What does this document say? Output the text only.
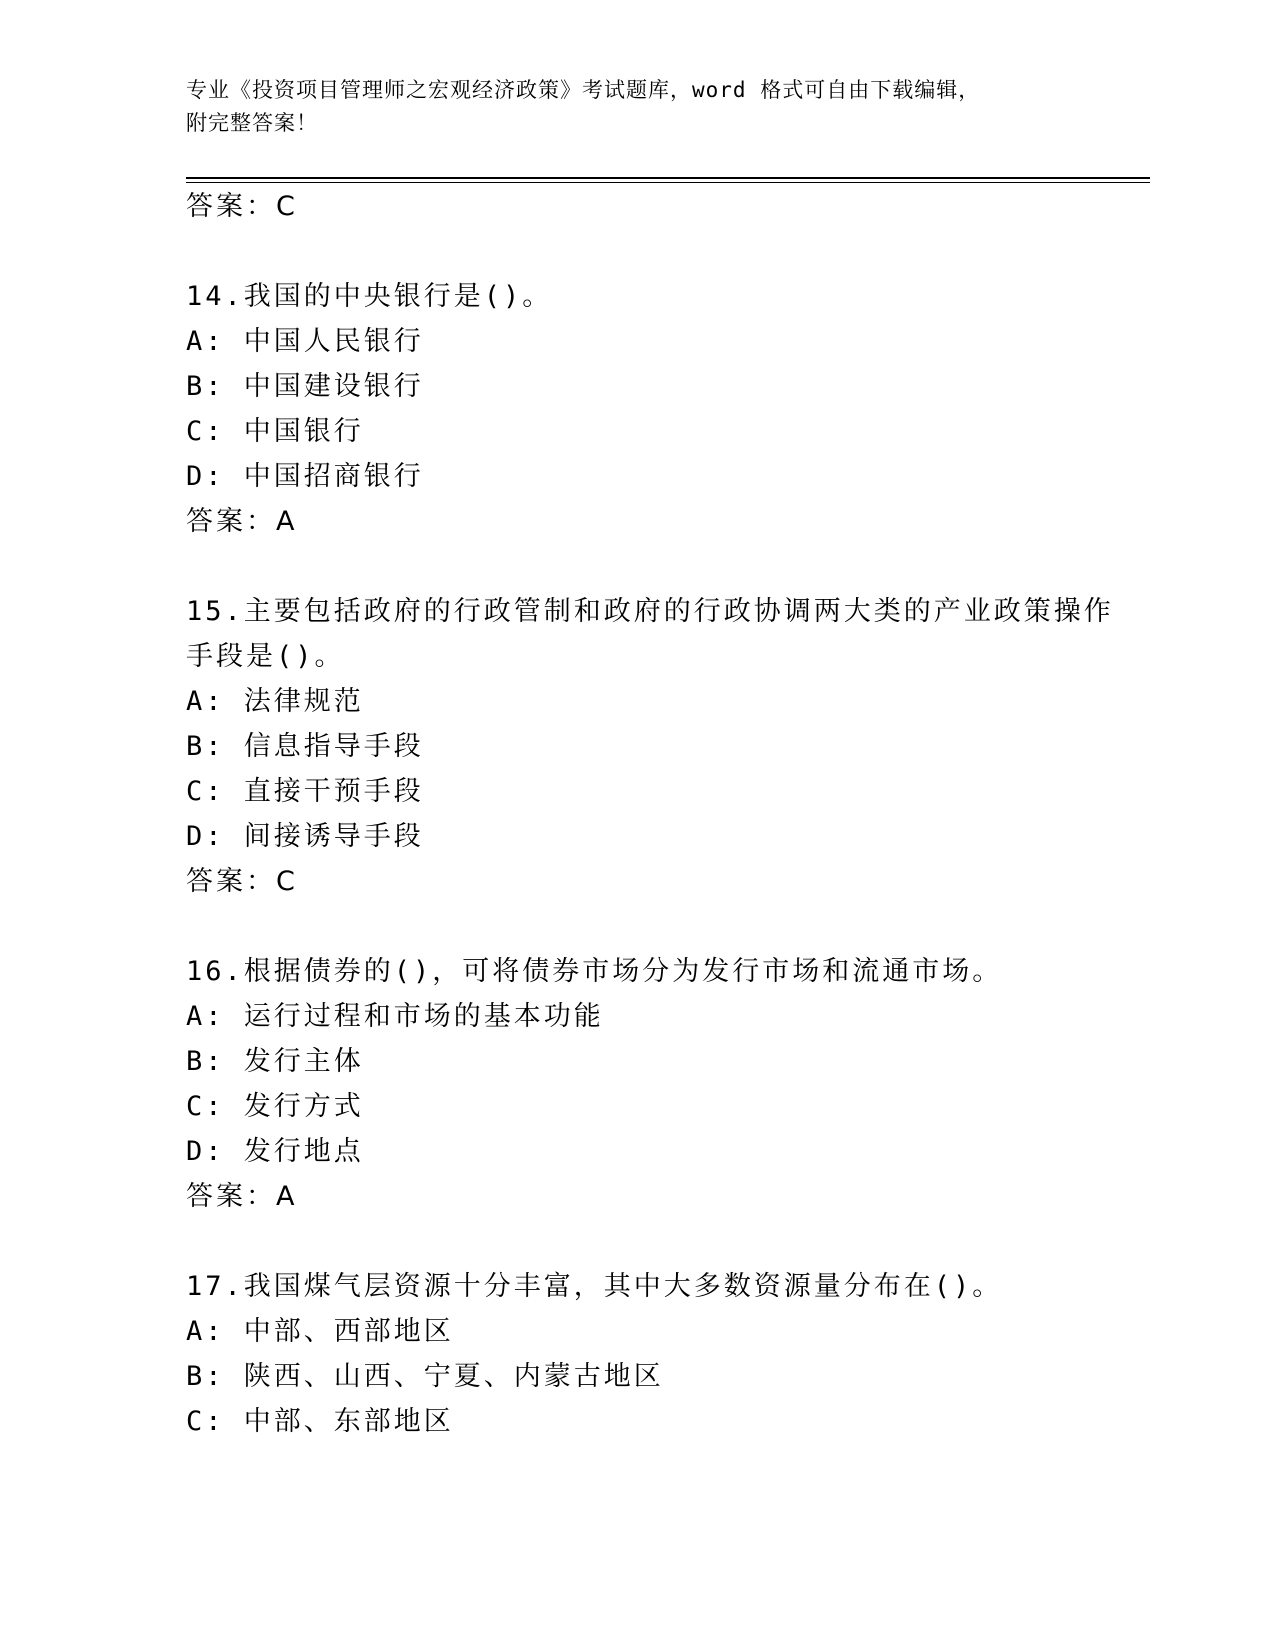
专业《投资项目管理师之宏观经济政策》考试题库，word 格式可自由下载编辑，
附完整答案！
答案：C
14.我国的中央银行是()。
A: 中国人民银行
B: 中国建设银行
C: 中国银行
D: 中国招商银行
答案：A
15.主要包括政府的行政管制和政府的行政协调两大类的产业政策操作
手段是()。
A: 法律规范
B: 信息指导手段
C: 直接干预手段
D: 间接诱导手段
答案：C
16.根据债券的()，可将债券市场分为发行市场和流通市场。
A: 运行过程和市场的基本功能
B: 发行主体
C: 发行方式
D: 发行地点
答案：A
17.我国煤气层资源十分丰富，其中大多数资源量分布在()。
A: 中部、西部地区
B: 陕西、山西、宁夏、内蒙古地区
C: 中部、东部地区
